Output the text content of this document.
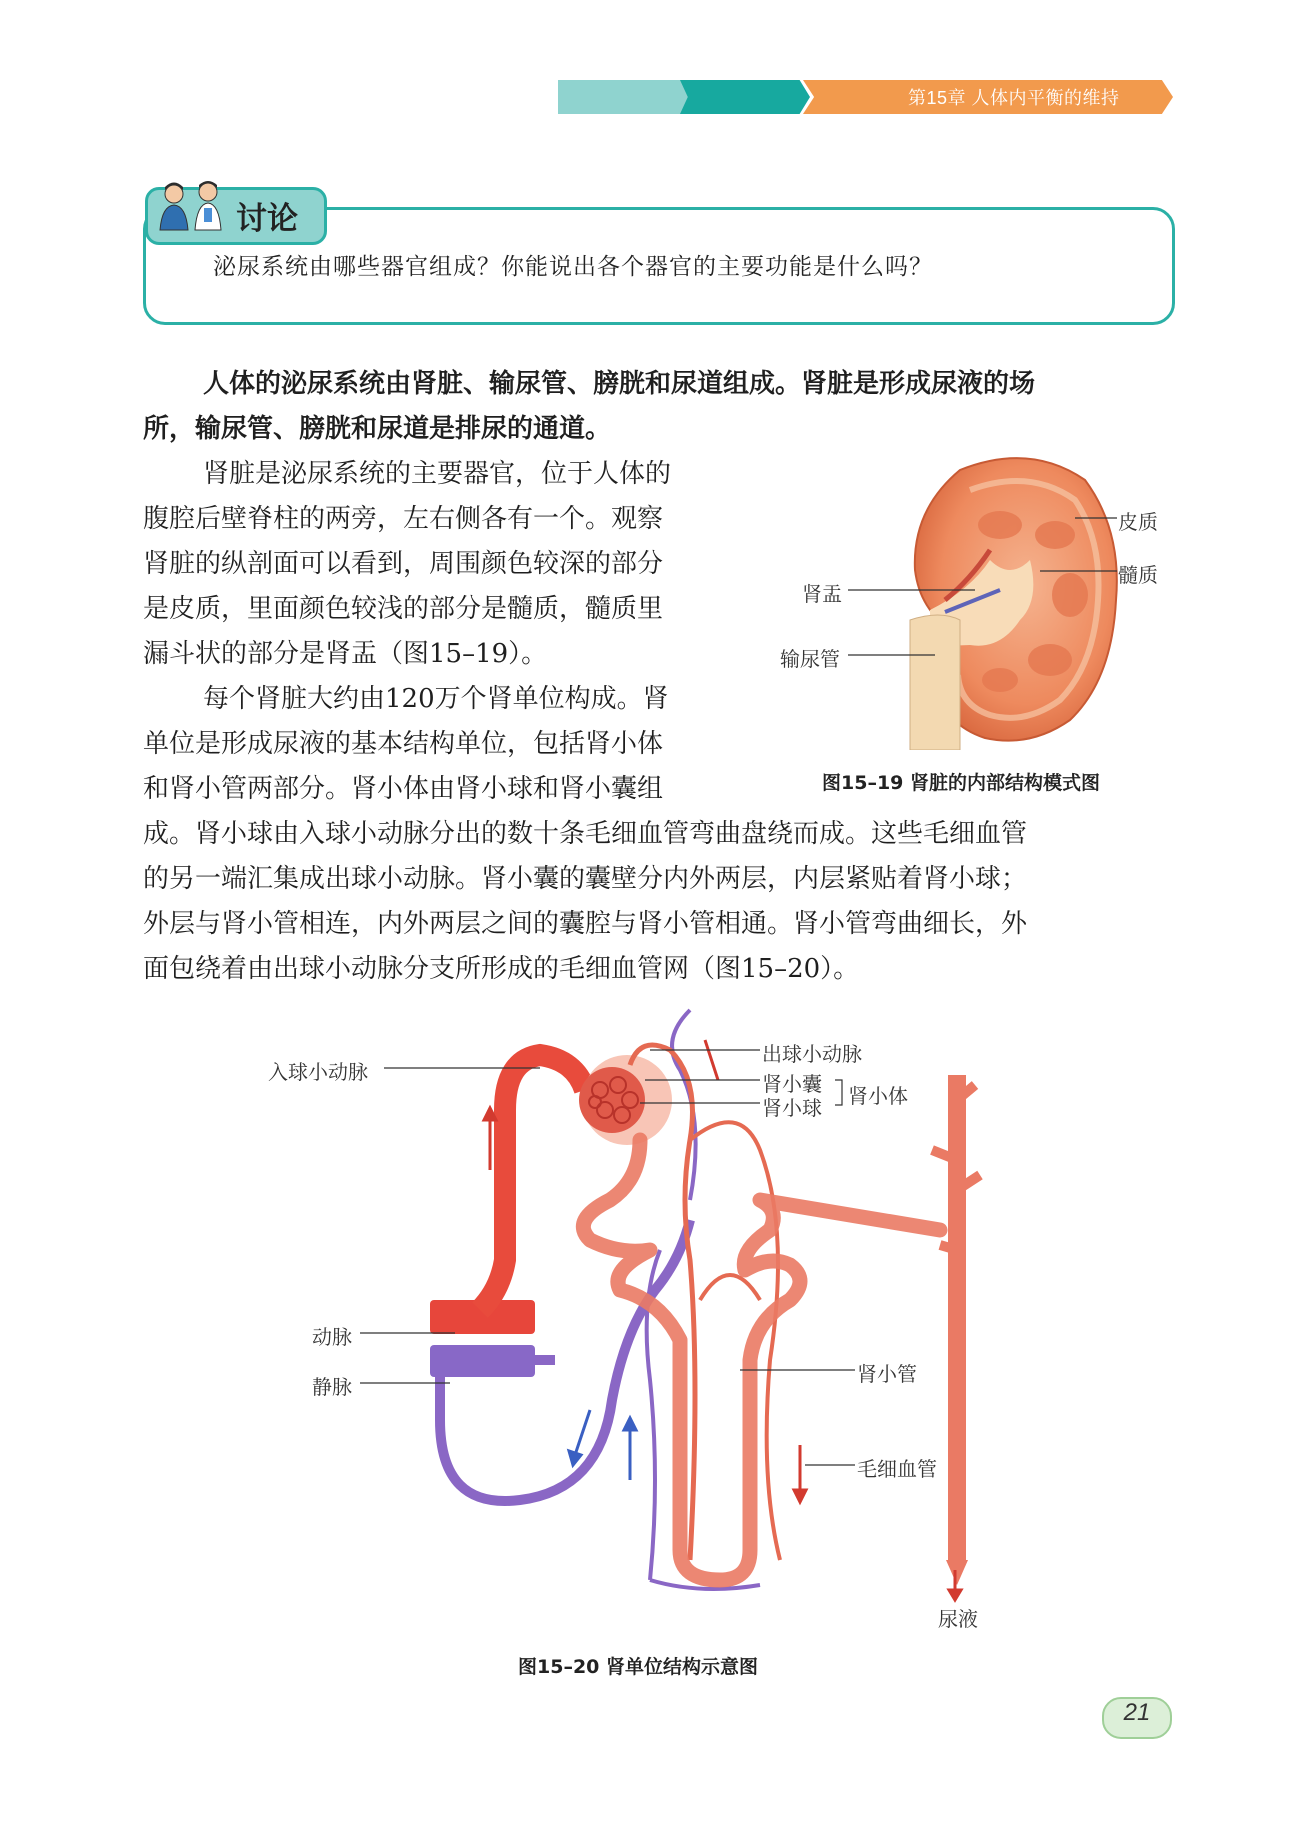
第15章 人体内平衡的维持
讨论
泌尿系统由哪些器官组成？你能说出各个器官的主要功能是什么吗？
人体的泌尿系统由肾脏、输尿管、膀胱和尿道组成。肾脏是形成尿液的场
所，输尿管、膀胱和尿道是排尿的通道。
肾脏是泌尿系统的主要器官，位于人体的
腹腔后壁脊柱的两旁，左右侧各有一个。观察
肾脏的纵剖面可以看到，周围颜色较深的部分
是皮质，里面颜色较浅的部分是髓质，髓质里
漏斗状的部分是肾盂（图15–19）。
每个肾脏大约由120万个肾单位构成。肾
单位是形成尿液的基本结构单位，包括肾小体
和肾小管两部分。肾小体由肾小球和肾小囊组
成。肾小球由入球小动脉分出的数十条毛细血管弯曲盘绕而成。这些毛细血管
的另一端汇集成出球小动脉。肾小囊的囊壁分内外两层，内层紧贴着肾小球；
外层与肾小管相连，内外两层之间的囊腔与肾小管相通。肾小管弯曲细长，外
面包绕着由出球小动脉分支所形成的毛细血管网（图15–20）。
皮质
髓质
肾盂
输尿管
图15–19 肾脏的内部结构模式图
入球小动脉
出球小动脉
肾小囊
肾小球 肾小体
动脉
静脉
肾小管
毛细血管
尿液
图15–20 肾单位结构示意图
21
